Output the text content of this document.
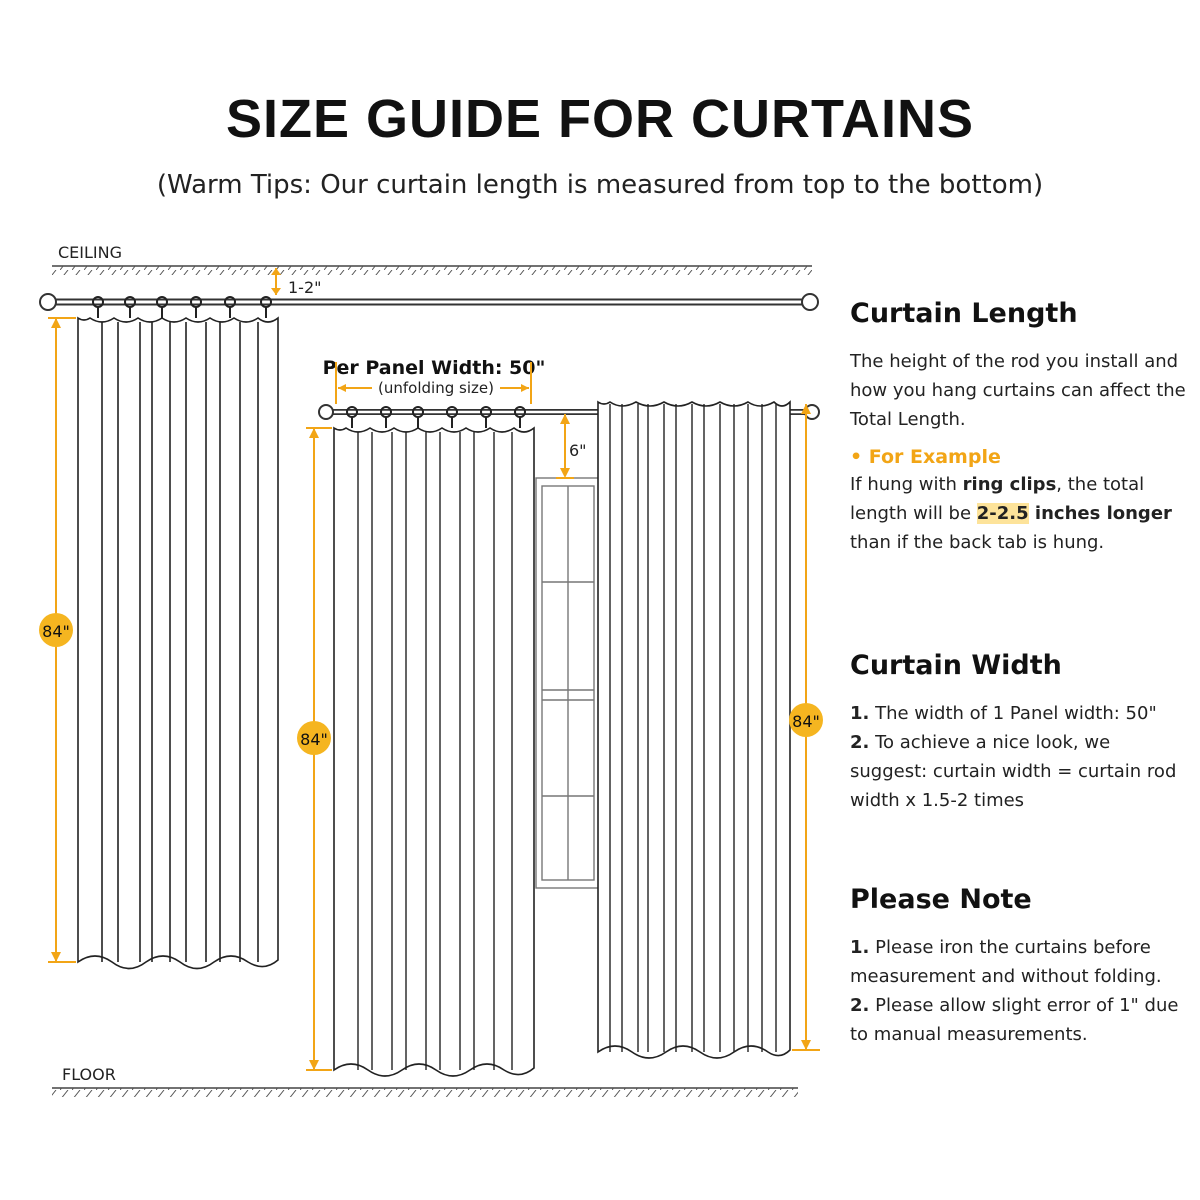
SIZE GUIDE FOR CURTAINS
(Warm Tips: Our curtain length is measured from top to the bottom)
CEILING
FLOOR
1-2"
84"
Per Panel Width: 50"
(unfolding size)
6"
84"
84"
Curtain Length

The height of the rod you install and how you hang curtains can affect the Total Length.

• For Example
If hung with ring clips, the total length will be 2-2.5 inches longer than if the back tab is hung.
Curtain Width
1. The width of 1 Panel width: 50"
2. To achieve a nice look, we suggest: curtain width = curtain rod width x 1.5-2 times
Please Note
1. Please iron the curtains before measurement and without folding.
2. Please allow slight error of 1" due to manual measurements.
